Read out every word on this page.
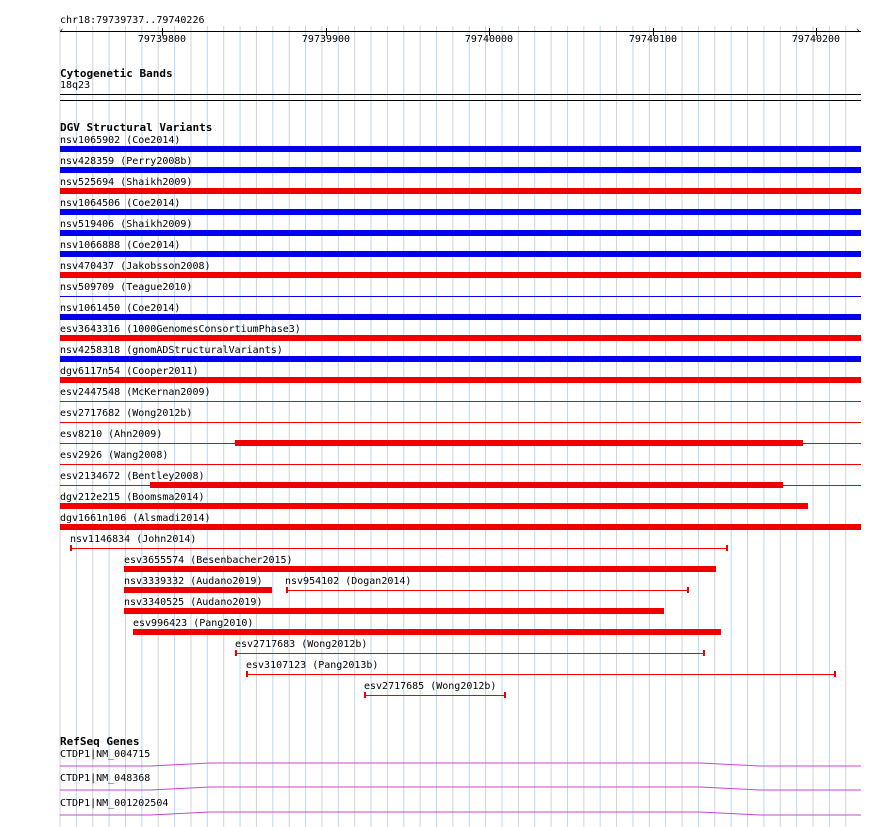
chr18:79739737..79740226
‹	›
79739800	79739900	79740000	79740100	79740200
Cytogenetic Bands
18q23
DGV Structural Variants
nsv1065902 (Coe2014)
nsv428359 (Perry2008b)
nsv525694 (Shaikh2009)
nsv1064506 (Coe2014)
nsv519406 (Shaikh2009)
nsv1066888 (Coe2014)
nsv470437 (Jakobsson2008)
nsv509709 (Teague2010)
nsv1061450 (Coe2014)
esv3643316 (1000GenomesConsortiumPhase3)
nsv4258318 (gnomADStructuralVariants)
dgv6117n54 (Cooper2011)
esv2447548 (McKernan2009)
esv2717682 (Wong2012b)
esv8210 (Ahn2009)
esv2926 (Wang2008)
esv2134672 (Bentley2008)
dgv212e215 (Boomsma2014)
dgv1661n106 (Alsmadi2014)
nsv1146834 (John2014)
esv3655574 (Besenbacher2015)
nsv3339332 (Audano2019) nsv954102 (Dogan2014)
nsv3340525 (Audano2019)
esv996423 (Pang2010)
esv2717683 (Wong2012b)
esv3107123 (Pang2013b)
esv2717685 (Wong2012b)
RefSeq Genes
CTDP1|NM_004715
CTDP1|NM_048368
CTDP1|NM_001202504
